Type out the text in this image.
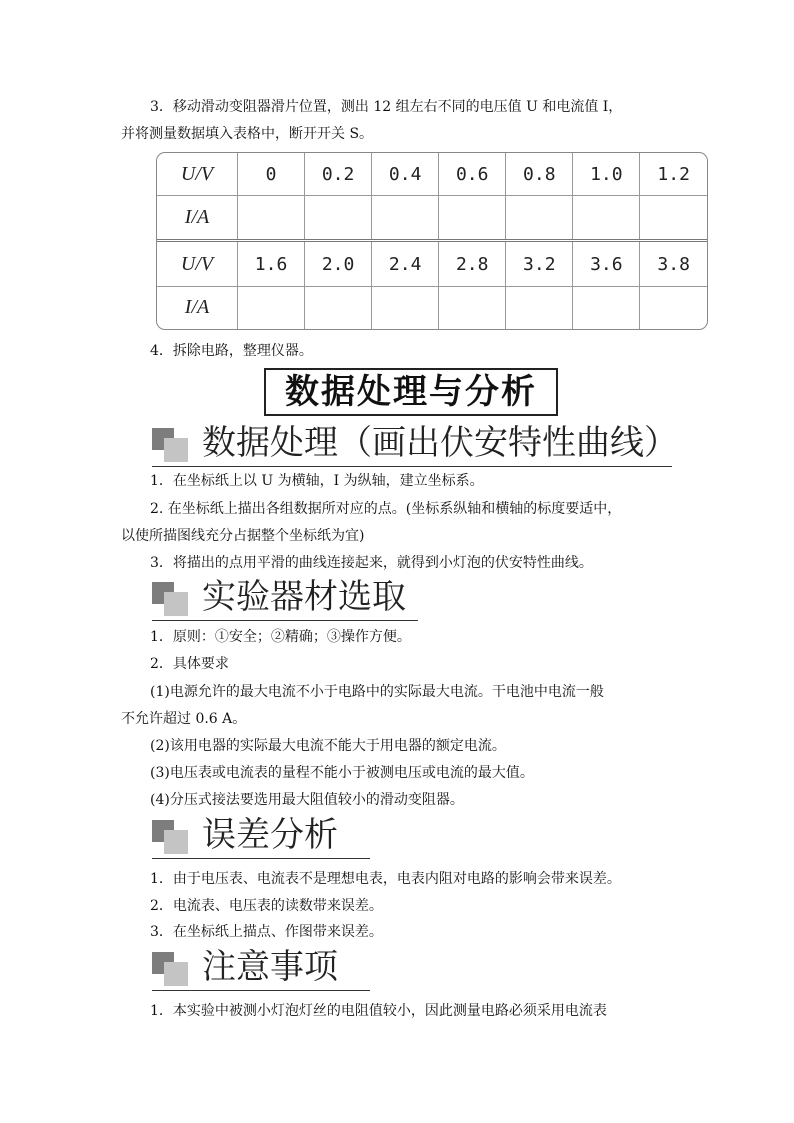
3．移动滑动变阻器滑片位置，测出 12 组左右不同的电压值 U 和电流值 I，
并将测量数据填入表格中，断开开关 S。
U/V	0	0.2	0.4	0.6	0.8	1.0	1.2
I/A							
U/V	1.6	2.0	2.4	2.8	3.2	3.6	3.8
I/A							
4．拆除电路，整理仪器。
数据处理与分析
数据处理（画出伏安特性曲线）
1．在坐标纸上以 U 为横轴，I 为纵轴，建立坐标系。
2. 在坐标纸上描出各组数据所对应的点。(坐标系纵轴和横轴的标度要适中，
以使所描图线充分占据整个坐标纸为宜)
3．将描出的点用平滑的曲线连接起来，就得到小灯泡的伏安特性曲线。
实验器材选取
1．原则：①安全；②精确；③操作方便。
2．具体要求
(1)电源允许的最大电流不小于电路中的实际最大电流。干电池中电流一般
不允许超过 0.6 A。
(2)该用电器的实际最大电流不能大于用电器的额定电流。
(3)电压表或电流表的量程不能小于被测电压或电流的最大值。
(4)分压式接法要选用最大阻值较小的滑动变阻器。
误差分析
1．由于电压表、电流表不是理想电表，电表内阻对电路的影响会带来误差。
2．电流表、电压表的读数带来误差。
3．在坐标纸上描点、作图带来误差。
注意事项
1．本实验中被测小灯泡灯丝的电阻值较小，因此测量电路必须采用电流表
